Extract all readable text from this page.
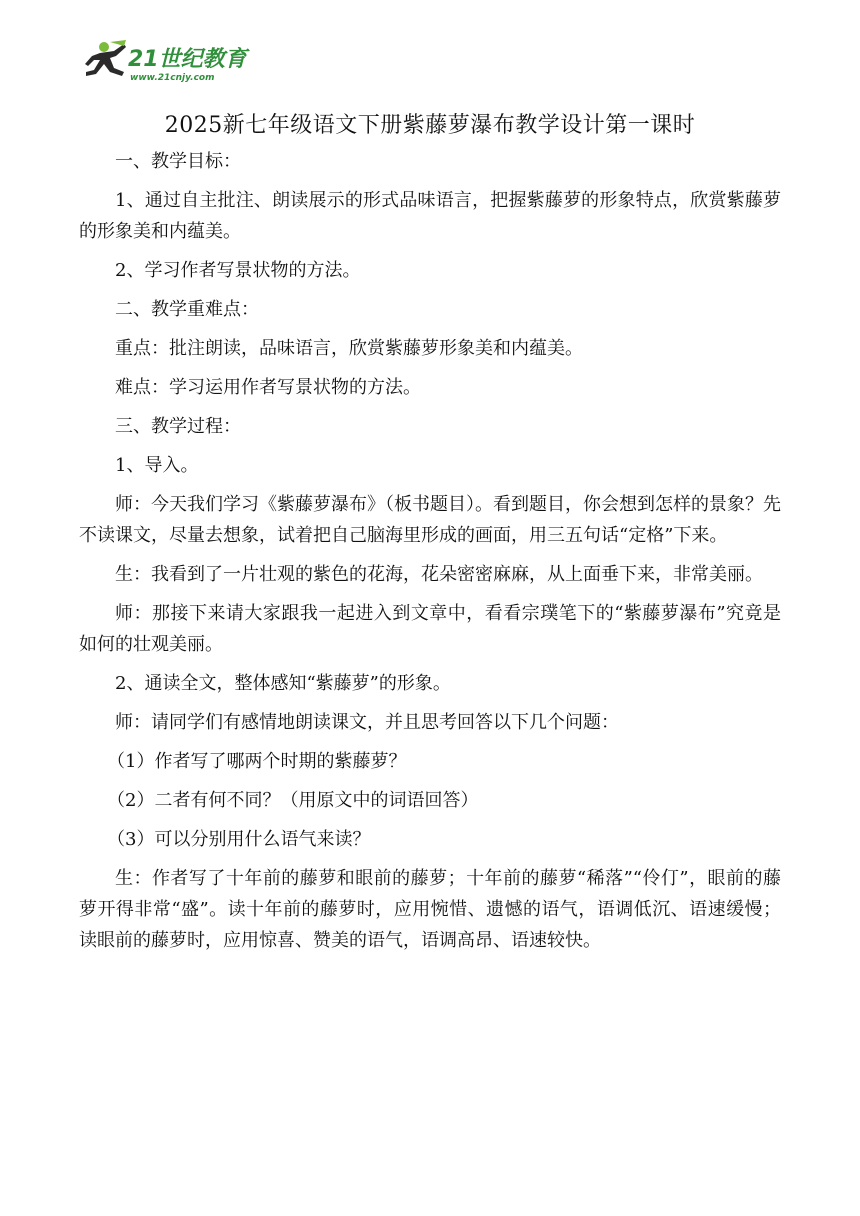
21世纪教育
www.21cnjy.com
2025新七年级语文下册紫藤萝瀑布教学设计第一课时

一、教学目标：

1、通过自主批注、朗读展示的形式品味语言，把握紫藤萝的形象特点，欣赏紫藤萝的形象美和内蕴美。

2、学习作者写景状物的方法。

二、教学重难点：

重点：批注朗读，品味语言，欣赏紫藤萝形象美和内蕴美。

难点：学习运用作者写景状物的方法。

三、教学过程：

1、导入。

师：今天我们学习《紫藤萝瀑布》（板书题目）。看到题目，你会想到怎样的景象？先不读课文，尽量去想象，试着把自己脑海里形成的画面，用三五句话“定格”下来。

生：我看到了一片壮观的紫色的花海，花朵密密麻麻，从上面垂下来，非常美丽。

师：那接下来请大家跟我一起进入到文章中，看看宗璞笔下的“紫藤萝瀑布”究竟是如何的壮观美丽。

2、通读全文，整体感知“紫藤萝”的形象。

师：请同学们有感情地朗读课文，并且思考回答以下几个问题：

（1）作者写了哪两个时期的紫藤萝？

（2）二者有何不同？（用原文中的词语回答）

（3）可以分别用什么语气来读？

生：作者写了十年前的藤萝和眼前的藤萝；十年前的藤萝“稀落”“伶仃”，眼前的藤萝开得非常“盛”。读十年前的藤萝时，应用惋惜、遗憾的语气，语调低沉、语速缓慢；读眼前的藤萝时，应用惊喜、赞美的语气，语调高昂、语速较快。
